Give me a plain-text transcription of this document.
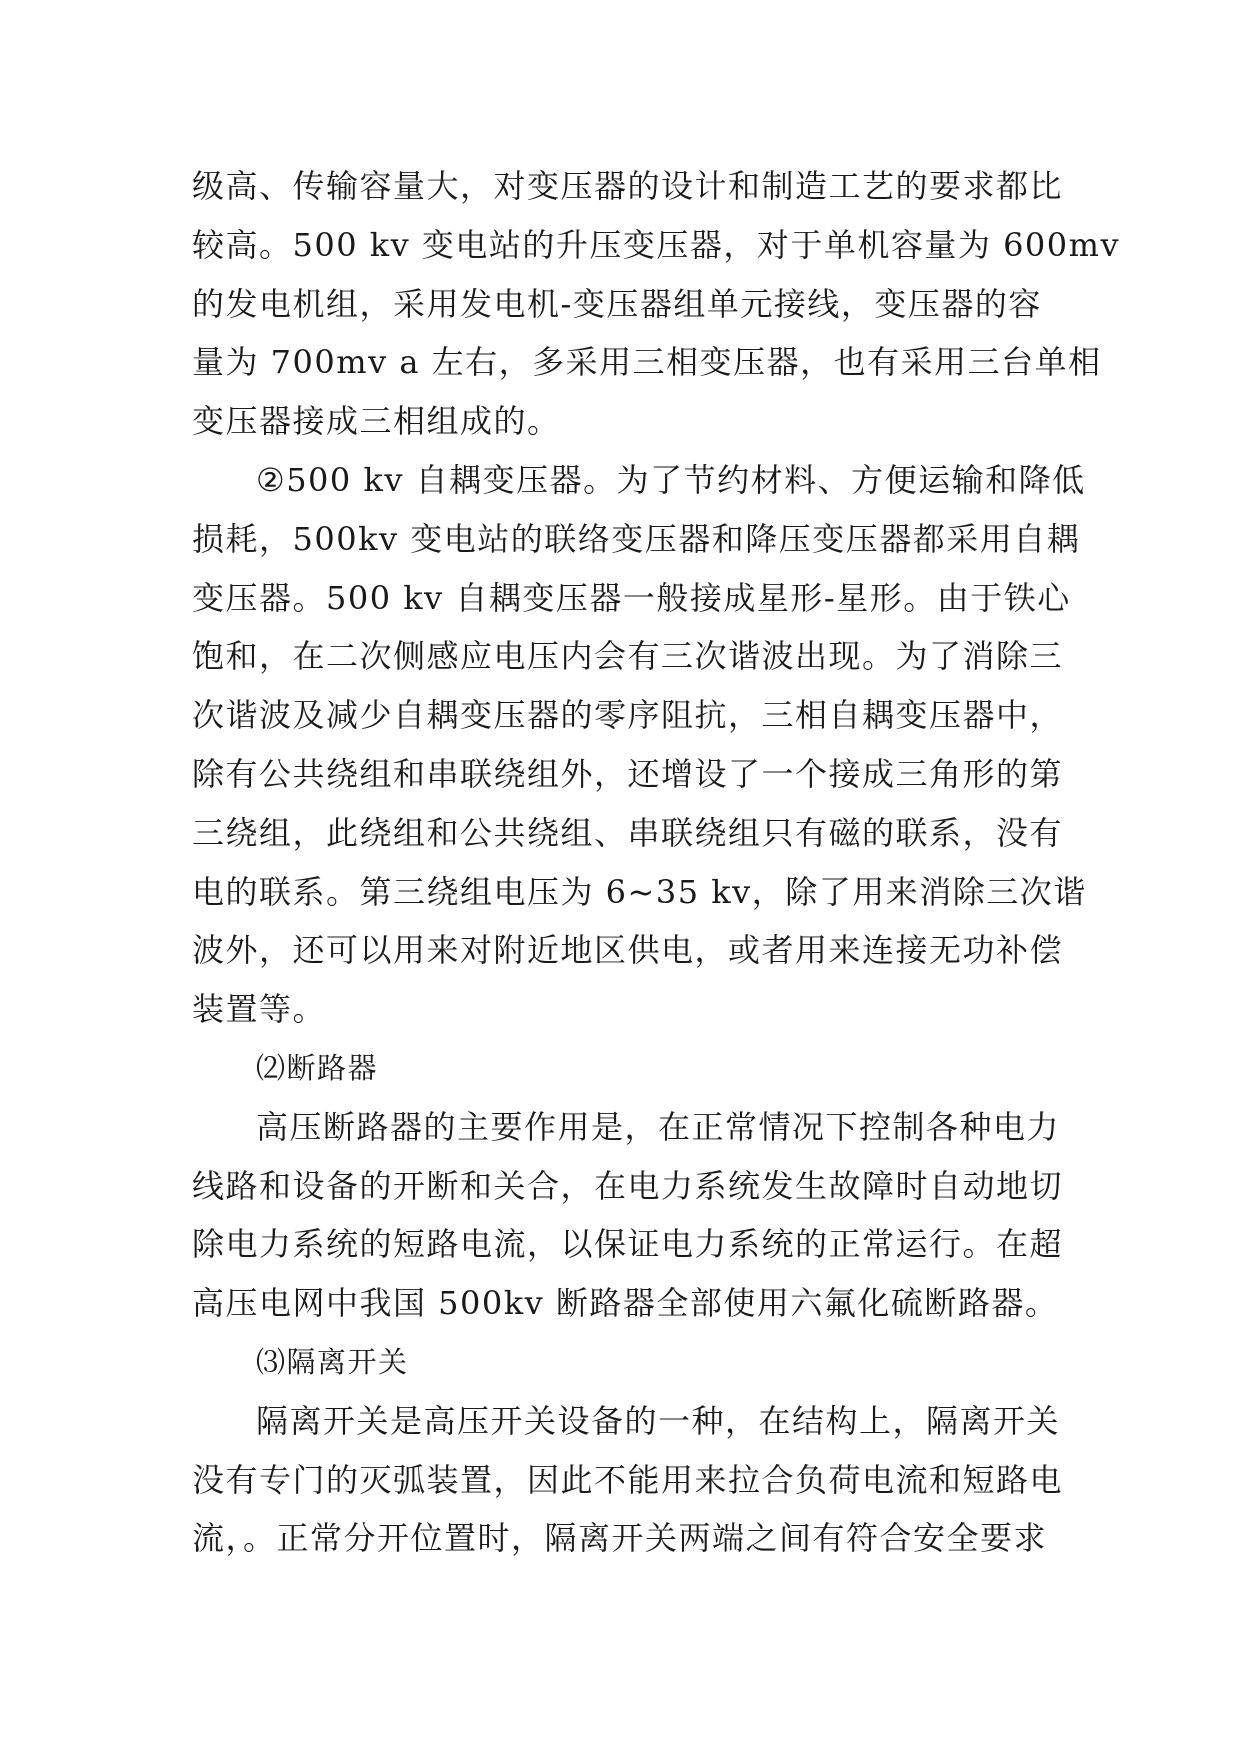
级高、传输容量大，对变压器的设计和制造工艺的要求都比
较高。500 kv 变电站的升压变压器，对于单机容量为 600mv
的发电机组，采用发电机-变压器组单元接线，变压器的容
量为 700mv a 左右，多采用三相变压器，也有采用三台单相
变压器接成三相组成的。
②500 kv 自耦变压器。为了节约材料、方便运输和降低
损耗，500kv 变电站的联络变压器和降压变压器都采用自耦
变压器。500 kv 自耦变压器一般接成星形-星形。由于铁心
饱和，在二次侧感应电压内会有三次谐波出现。为了消除三
次谐波及减少自耦变压器的零序阻抗，三相自耦变压器中，
除有公共绕组和串联绕组外，还增设了一个接成三角形的第
三绕组，此绕组和公共绕组、串联绕组只有磁的联系，没有
电的联系。第三绕组电压为 6~35 kv，除了用来消除三次谐
波外，还可以用来对附近地区供电，或者用来连接无功补偿
装置等。
⑵断路器
高压断路器的主要作用是，在正常情况下控制各种电力
线路和设备的开断和关合，在电力系统发生故障时自动地切
除电力系统的短路电流，以保证电力系统的正常运行。在超
高压电网中我国 500kv 断路器全部使用六氟化硫断路器。
⑶隔离开关
隔离开关是高压开关设备的一种，在结构上，隔离开关
没有专门的灭弧装置，因此不能用来拉合负荷电流和短路电
流，。正常分开位置时，隔离开关两端之间有符合安全要求
